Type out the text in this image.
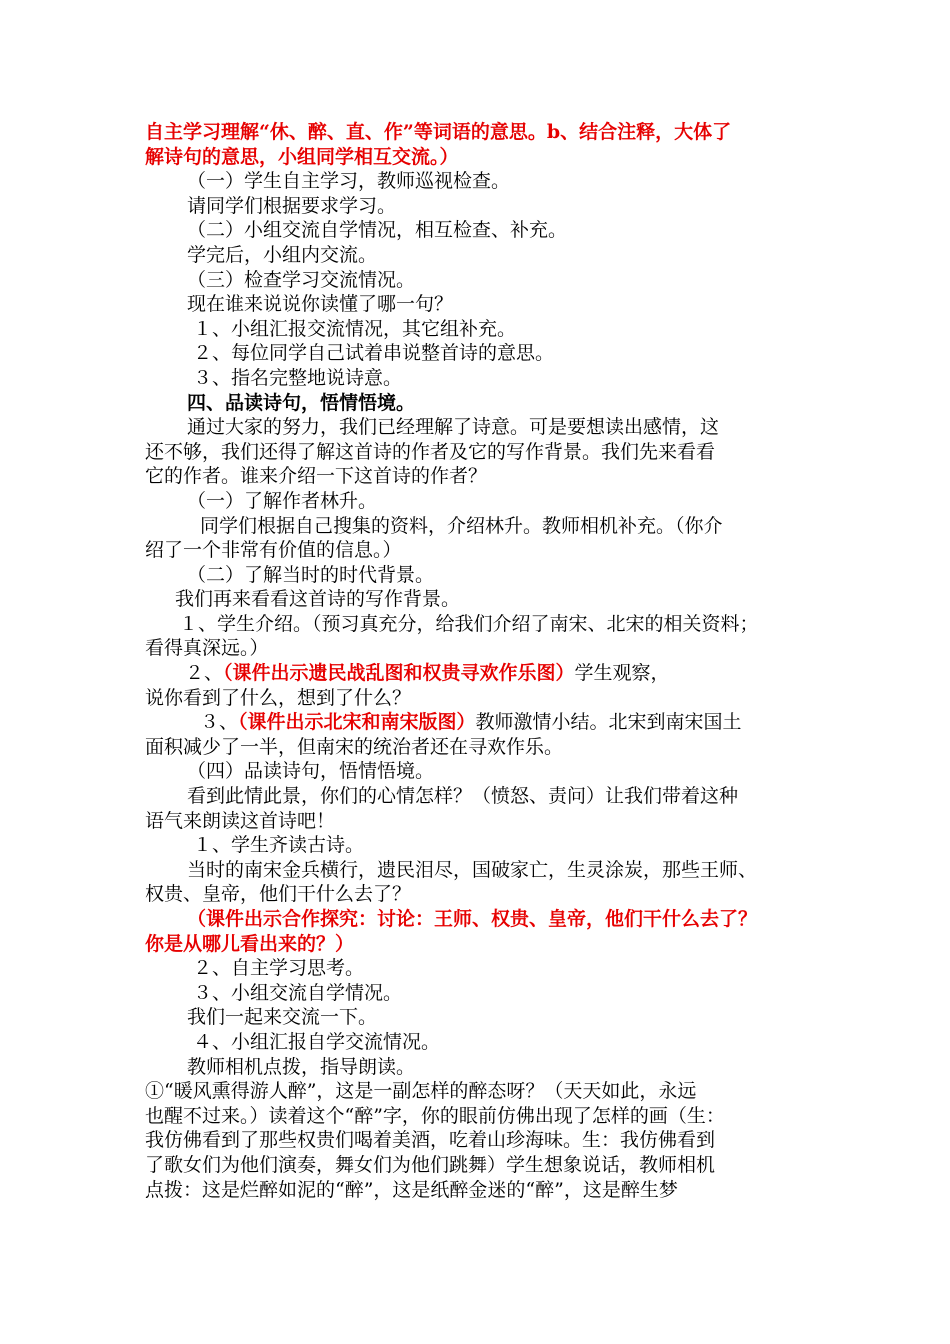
自主学习理解“休、醉、直、作”等词语的意思。b、结合注释，大体了
解诗句的意思，小组同学相互交流。）
（一）学生自主学习，教师巡视检查。
请同学们根据要求学习。
（二）小组交流自学情况，相互检查、补充。
学完后，小组内交流。
（三）检查学习交流情况。
现在谁来说说你读懂了哪一句？
１、小组汇报交流情况，其它组补充。
２、每位同学自己试着串说整首诗的意思。
３、指名完整地说诗意。
四、品读诗句，悟情悟境。
通过大家的努力，我们已经理解了诗意。可是要想读出感情，这
还不够，我们还得了解这首诗的作者及它的写作背景。我们先来看看
它的作者。谁来介绍一下这首诗的作者？
（一）了解作者林升。
同学们根据自己搜集的资料，介绍林升。教师相机补充。（你介
绍了一个非常有价值的信息。）
（二）了解当时的时代背景。
我们再来看看这首诗的写作背景。
１、学生介绍。（预习真充分，给我们介绍了南宋、北宋的相关资料；
看得真深远。）
２、（课件出示遗民战乱图和权贵寻欢作乐图）学生观察，
说你看到了什么，想到了什么？
３、（课件出示北宋和南宋版图）教师激情小结。北宋到南宋国土
面积减少了一半，但南宋的统治者还在寻欢作乐。
（四）品读诗句，悟情悟境。
看到此情此景，你们的心情怎样？（愤怒、责问）让我们带着这种
语气来朗读这首诗吧！
１、学生齐读古诗。
当时的南宋金兵横行，遗民泪尽，国破家亡，生灵涂炭，那些王师、
权贵、皇帝，他们干什么去了？
（课件出示合作探究：讨论：王师、权贵、皇帝，他们干什么去了？
你是从哪儿看出来的？）
２、自主学习思考。
３、小组交流自学情况。
我们一起来交流一下。
４、小组汇报自学交流情况。
教师相机点拨，指导朗读。
①“暖风熏得游人醉”，这是一副怎样的醉态呀？（天天如此，永远
也醒不过来。）读着这个“醉”字，你的眼前仿佛出现了怎样的画（生：
我仿佛看到了那些权贵们喝着美酒，吃着山珍海味。生：我仿佛看到
了歌女们为他们演奏，舞女们为他们跳舞）学生想象说话，教师相机
点拨：这是烂醉如泥的“醉”，这是纸醉金迷的“醉”，这是醉生梦
